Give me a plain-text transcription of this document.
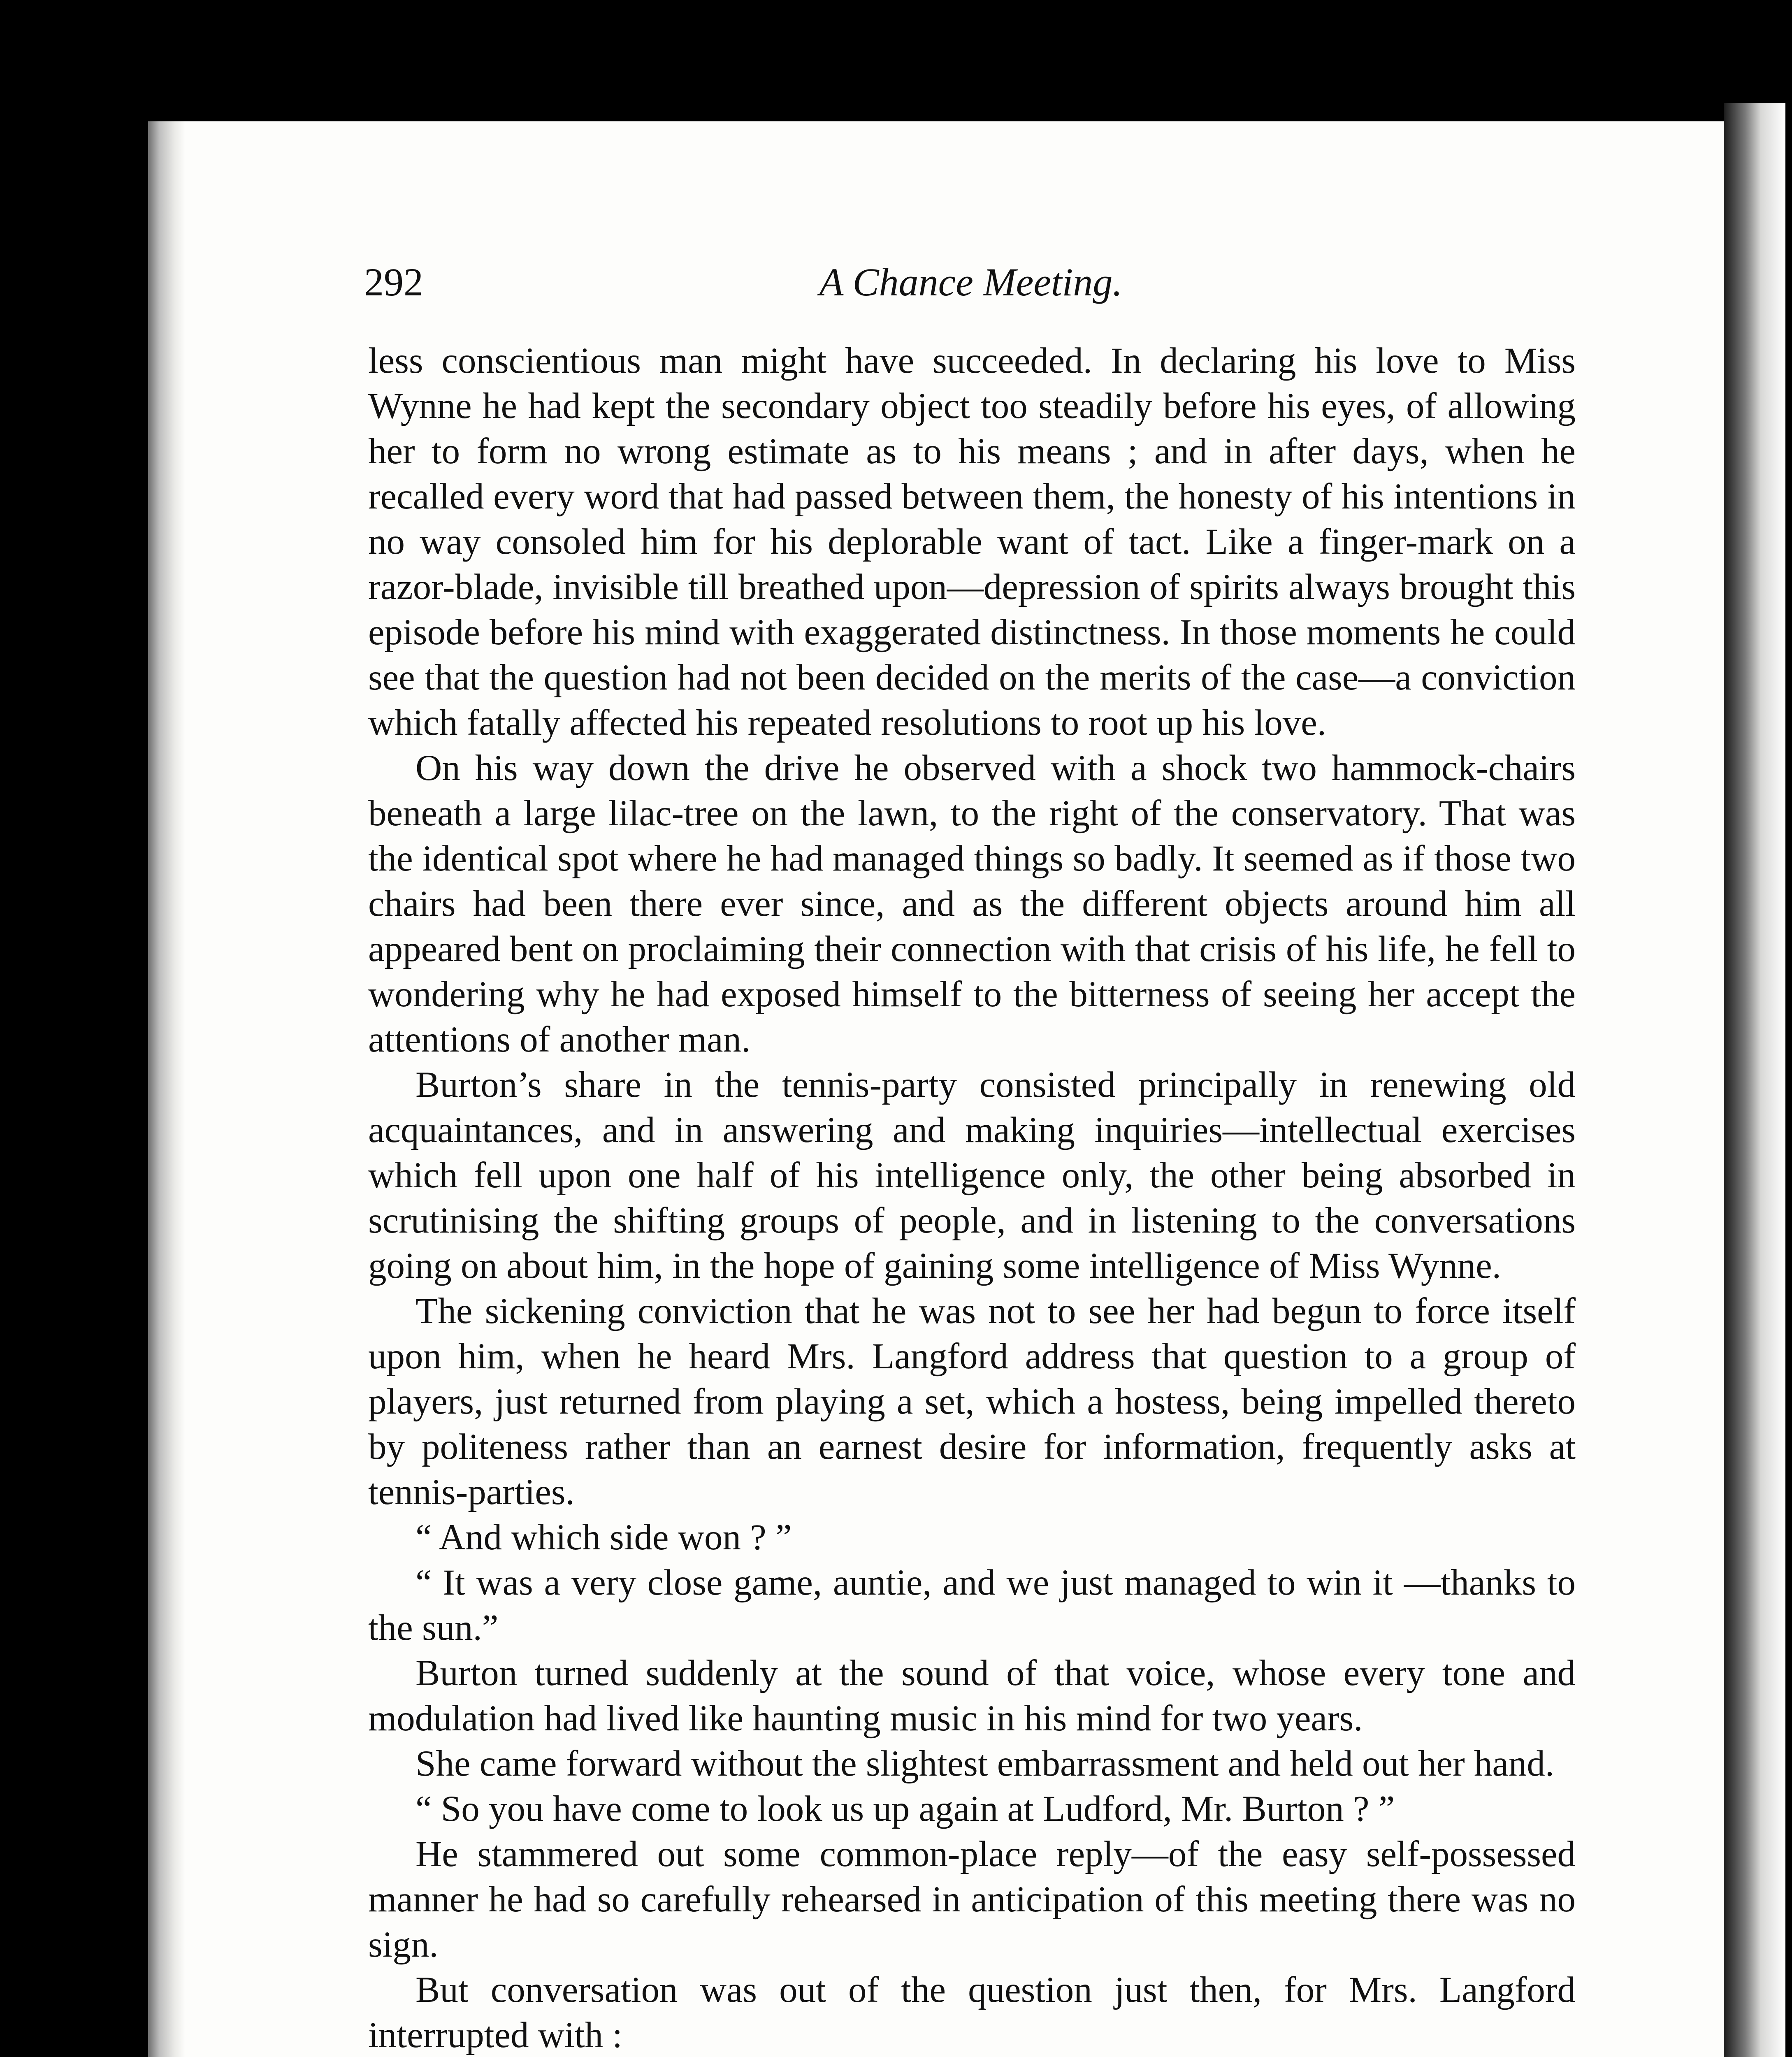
292	A Chance Meeting.

less conscientious man might have succeeded. In declaring his love to Miss Wynne he had kept the secondary object too steadily before his eyes, of allowing her to form no wrong estimate as to his means ; and in after days, when he recalled every word that had passed between them, the honesty of his intentions in no way consoled him for his deplorable want of tact. Like a finger-mark on a razor-blade, invisible till breathed upon—depression of spirits always brought this episode before his mind with exaggerated distinctness. In those moments he could see that the question had not been decided on the merits of the case—a conviction which fatally affected his repeated resolutions to root up his love.

On his way down the drive he observed with a shock two hammock-chairs beneath a large lilac-tree on the lawn, to the right of the conservatory. That was the identical spot where he had managed things so badly. It seemed as if those two chairs had been there ever since, and as the different objects around him all appeared bent on proclaiming their connection with that crisis of his life, he fell to wondering why he had exposed himself to the bitterness of seeing her accept the attentions of another man.

Burton’s share in the tennis-party consisted principally in renewing old acquaintances, and in answering and making inquiries—intellectual exercises which fell upon one half of his intelligence only, the other being absorbed in scrutinising the shifting groups of people, and in listening to the conversations going on about him, in the hope of gaining some intelligence of Miss Wynne.

The sickening conviction that he was not to see her had begun to force itself upon him, when he heard Mrs. Langford address that question to a group of players, just returned from playing a set, which a hostess, being impelled thereto by politeness rather than an earnest desire for information, frequently asks at tennis-parties.

“ And which side won ? ”

“ It was a very close game, auntie, and we just managed to win it —thanks to the sun.”

Burton turned suddenly at the sound of that voice, whose every tone and modulation had lived like haunting music in his mind for two years.

She came forward without the slightest embarrassment and held out her hand.

“ So you have come to look us up again at Ludford, Mr. Burton ? ”

He stammered out some common-place reply—of the easy self-possessed manner he had so carefully rehearsed in anticipation of this meeting there was no sign.

But conversation was out of the question just then, for Mrs. Langford interrupted with :
